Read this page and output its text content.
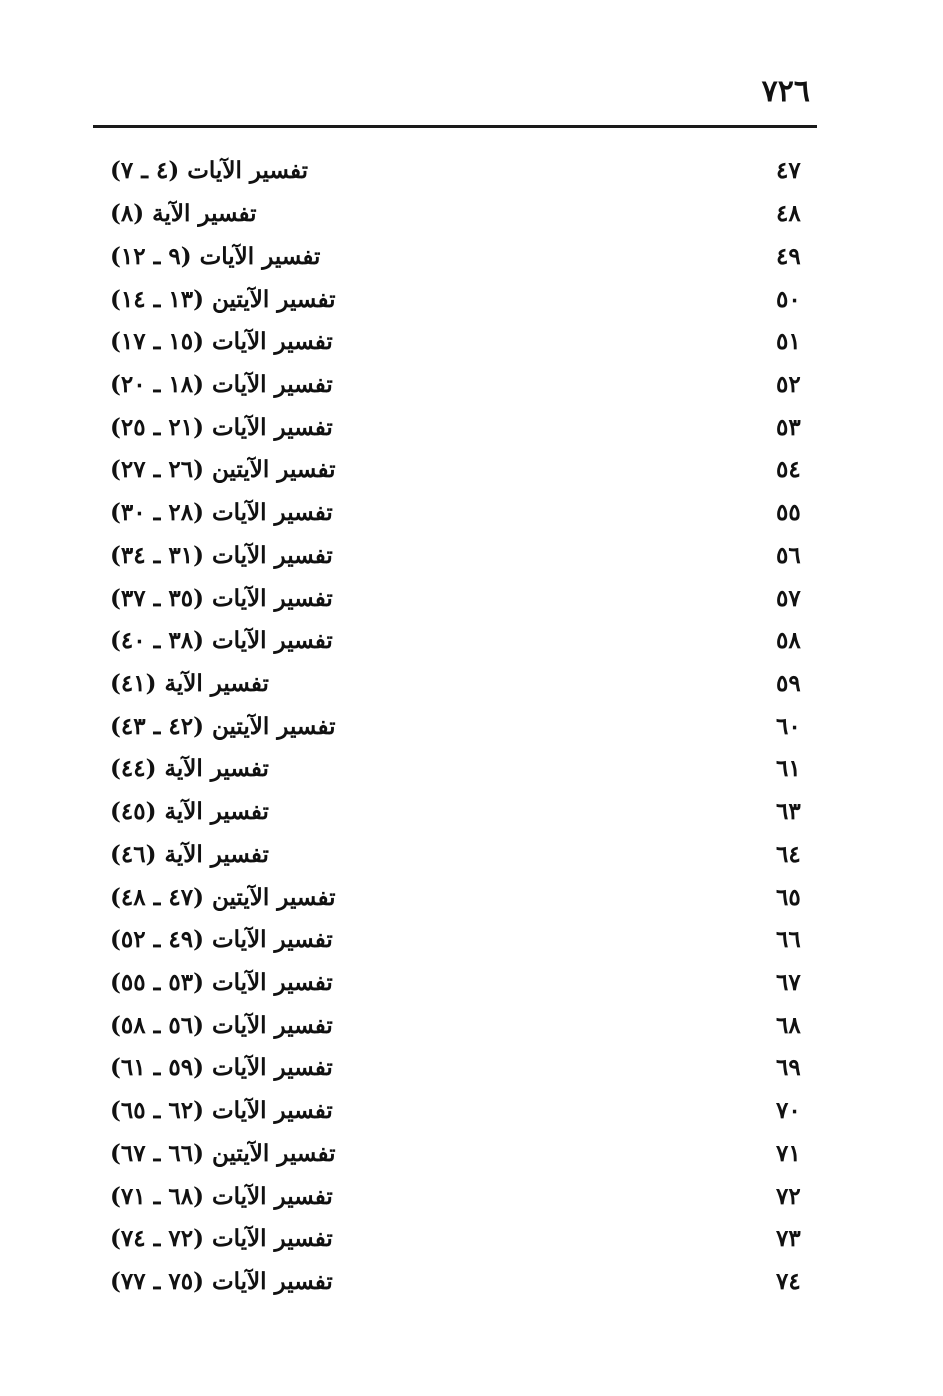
٧٢٦
تفسير الآيات (٤ ـ ٧)	٤٧
تفسير الآية (٨)	٤٨
تفسير الآيات (٩ ـ ١٢)	٤٩
تفسير الآيتين (١٣ ـ ١٤)	٥٠
تفسير الآيات (١٥ ـ ١٧)	٥١
تفسير الآيات (١٨ ـ ٢٠)	٥٢
تفسير الآيات (٢١ ـ ٢٥)	٥٣
تفسير الآيتين (٢٦ ـ ٢٧)	٥٤
تفسير الآيات (٢٨ ـ ٣٠)	٥٥
تفسير الآيات (٣١ ـ ٣٤)	٥٦
تفسير الآيات (٣٥ ـ ٣٧)	٥٧
تفسير الآيات (٣٨ ـ ٤٠)	٥٨
تفسير الآية (٤١)	٥٩
تفسير الآيتين (٤٢ ـ ٤٣)	٦٠
تفسير الآية (٤٤)	٦١
تفسير الآية (٤٥)	٦٣
تفسير الآية (٤٦)	٦٤
تفسير الآيتين (٤٧ ـ ٤٨)	٦٥
تفسير الآيات (٤٩ ـ ٥٢)	٦٦
تفسير الآيات (٥٣ ـ ٥٥)	٦٧
تفسير الآيات (٥٦ ـ ٥٨)	٦٨
تفسير الآيات (٥٩ ـ ٦١)	٦٩
تفسير الآيات (٦٢ ـ ٦٥)	٧٠
تفسير الآيتين (٦٦ ـ ٦٧)	٧١
تفسير الآيات (٦٨ ـ ٧١)	٧٢
تفسير الآيات (٧٢ ـ ٧٤)	٧٣
تفسير الآيات (٧٥ ـ ٧٧)	٧٤
